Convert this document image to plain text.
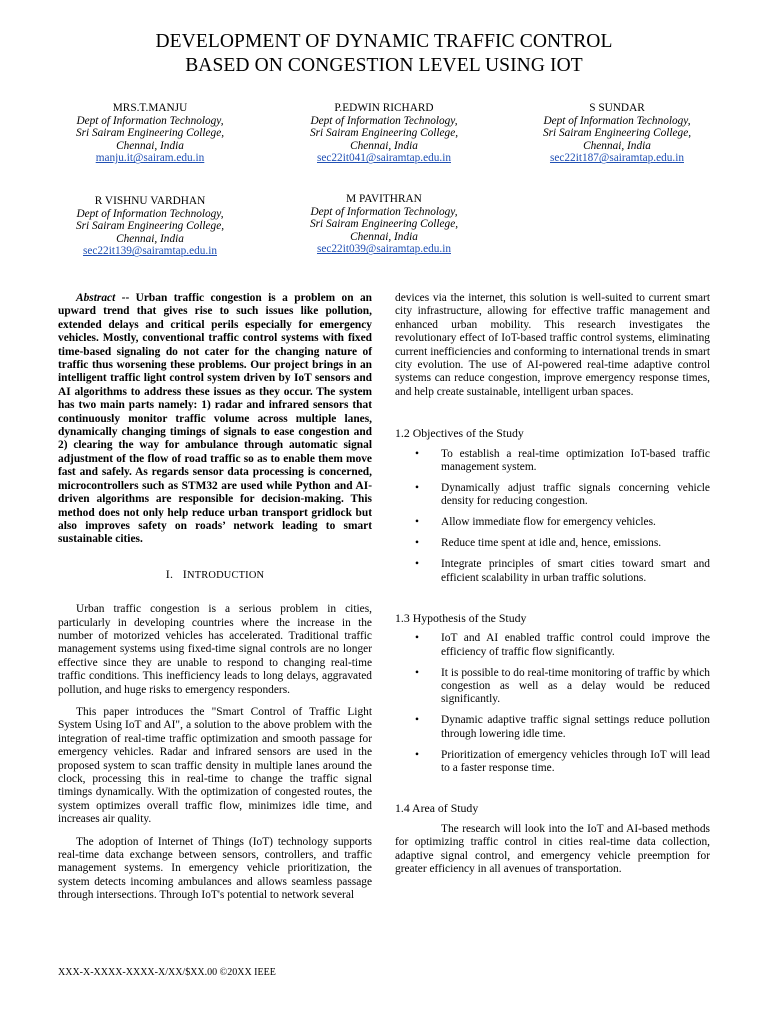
DEVELOPMENT OF DYNAMIC TRAFFIC CONTROL
BASED ON CONGESTION LEVEL USING IOT
MRS.T.MANJU
Dept of Information Technology,
Sri Sairam Engineering College,
Chennai, India
manju.it@sairam.edu.in
P.EDWIN RICHARD
Dept of Information Technology,
Sri Sairam Engineering College,
Chennai, India
sec22it041@sairamtap.edu.in
S SUNDAR
Dept of Information Technology,
Sri Sairam Engineering College,
Chennai, India
sec22it187@sairamtap.edu.in
R VISHNU VARDHAN
Dept of Information Technology,
Sri Sairam Engineering College,
Chennai, India
sec22it139@sairamtap.edu.in
M PAVITHRAN
Dept of Information Technology,
Sri Sairam Engineering College,
Chennai, India
sec22it039@sairamtap.edu.in

Abstract -- Urban traffic congestion is a problem on an upward trend that gives rise to such issues like pollution, extended delays and critical perils especially for emergency vehicles. Mostly, conventional traffic control systems with fixed time-based signaling do not cater for the changing nature of traffic thus worsening these problems. Our project brings in an intelligent traffic light control system driven by IoT sensors and AI algorithms to address these issues as they occur. The system has two main parts namely: 1) radar and infrared sensors that continuously monitor traffic volume across multiple lanes, dynamically changing timings of signals to ease congestion and 2) clearing the way for ambulance through automatic signal adjustment of the flow of road traffic so as to enable them move fast and safely. As regards sensor data processing is concerned, microcontrollers such as STM32 are used while Python and AI-driven algorithms are responsible for decision-making. This method does not only help reduce urban transport gridlock but also improves safety on roads’ network leading to smart sustainable cities.

I. INTRODUCTION

Urban traffic congestion is a serious problem in cities, particularly in developing countries where the increase in the number of motorized vehicles has accelerated. Traditional traffic management systems using fixed-time signal controls are no longer effective since they are unable to respond to changing real-time traffic conditions. This inefficiency leads to long delays, aggravated pollution, and huge risks to emergency responders.

This paper introduces the "Smart Control of Traffic Light System Using IoT and AI", a solution to the above problem with the integration of real-time traffic optimization and smooth passage for emergency vehicles. Radar and infrared sensors are used in the proposed system to scan traffic density in multiple lanes around the clock, processing this in real-time to change the traffic signal timings dynamically. With the optimization of congested routes, the system optimizes overall traffic flow, minimizes idle time, and increases air quality.

The adoption of Internet of Things (IoT) technology supports real-time data exchange between sensors, controllers, and traffic management systems. In emergency vehicle prioritization, the system detects incoming ambulances and allows seamless passage through intersections. Through IoT's potential to network several

devices via the internet, this solution is well-suited to current smart city infrastructure, allowing for effective traffic management and enhanced urban mobility. This research investigates the revolutionary effect of IoT-based traffic control systems, eliminating current inefficiencies and conforming to international trends in smart city evolution. The use of AI-powered real-time adaptive control systems can reduce congestion, improve emergency response times, and help create sustainable, intelligent urban spaces.

1.2 Objectives of the Study
• To establish a real-time optimization IoT-based traffic management system.
• Dynamically adjust traffic signals concerning vehicle density for reducing congestion.
• Allow immediate flow for emergency vehicles.
• Reduce time spent at idle and, hence, emissions.
• Integrate principles of smart cities toward smart and efficient scalability in urban traffic solutions.
1.3 Hypothesis of the Study
• IoT and AI enabled traffic control could improve the efficiency of traffic flow significantly.
• It is possible to do real-time monitoring of traffic by which congestion as well as a delay would be reduced significantly.
• Dynamic adaptive traffic signal settings reduce pollution through lowering idle time.
• Prioritization of emergency vehicles through IoT will lead to a faster response time.
1.4 Area of Study

The research will look into the IoT and AI-based methods for optimizing traffic control in cities real-time data collection, adaptive signal control, and emergency vehicle preemption for greater efficiency in all avenues of transportation.

XXX-X-XXXX-XXXX-X/XX/$XX.00 ©20XX IEEE
